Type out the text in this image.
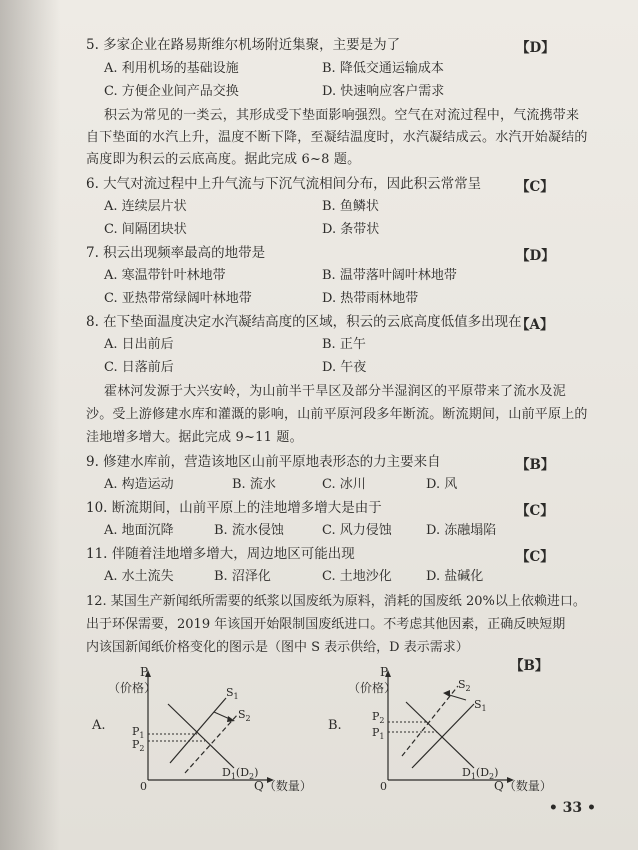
5. 多家企业在路易斯维尔机场附近集聚，主要是为了	【D】
A. 利用机场的基础设施	B. 降低交通运输成本
C. 方便企业间产品交换	D. 快速响应客户需求
积云为常见的一类云，其形成受下垫面影响强烈。空气在对流过程中，气流携带来
自下垫面的水汽上升，温度不断下降，至凝结温度时，水汽凝结成云。水汽开始凝结的
高度即为积云的云底高度。据此完成 6~8 题。
6. 大气对流过程中上升气流与下沉气流相间分布，因此积云常常呈	【C】
A. 连续层片状	B. 鱼鳞状
C. 间隔团块状	D. 条带状
7. 积云出现频率最高的地带是	【D】
A. 寒温带针叶林地带	B. 温带落叶阔叶林地带
C. 亚热带常绿阔叶林地带	D. 热带雨林地带
8. 在下垫面温度决定水汽凝结高度的区域，积云的云底高度低值多出现在
【A】
A. 日出前后	B. 正午
C. 日落前后	D. 午夜
霍林河发源于大兴安岭，为山前半干旱区及部分半湿润区的平原带来了流水及泥
沙。受上游修建水库和灌溉的影响，山前平原河段多年断流。断流期间，山前平原上的
洼地增多增大。据此完成 9~11 题。
9. 修建水库前，营造该地区山前平原地表形态的力主要来自	【B】
A. 构造运动	B. 流水	C. 冰川	D. 风
10. 断流期间，山前平原上的洼地增多增大是由于	【C】
A. 地面沉降	B. 流水侵蚀	C. 风力侵蚀	D. 冻融塌陷
11. 伴随着洼地增多增大，周边地区可能出现	【C】
A. 水土流失	B. 沼泽化	C. 土地沙化	D. 盐碱化
12. 某国生产新闻纸所需要的纸浆以国废纸为原料，消耗的国废纸 20%以上依赖进口。
出于环保需要，2019 年该国开始限制国废纸进口。不考虑其他因素，正确反映短期
内该国新闻纸价格变化的图示是（图中 S 表示供给，D 表示需求）
【B】
A.
P
（价格）
Q（数量）
0
$P_1$
$P_2$
$S_1$
$S_2$
$D_1(D_2)$
B.
P
（价格）
Q（数量）
0
$P_2$
$P_1$
$S_2$
$S_1$
$D_1(D_2)$
• 33 •
